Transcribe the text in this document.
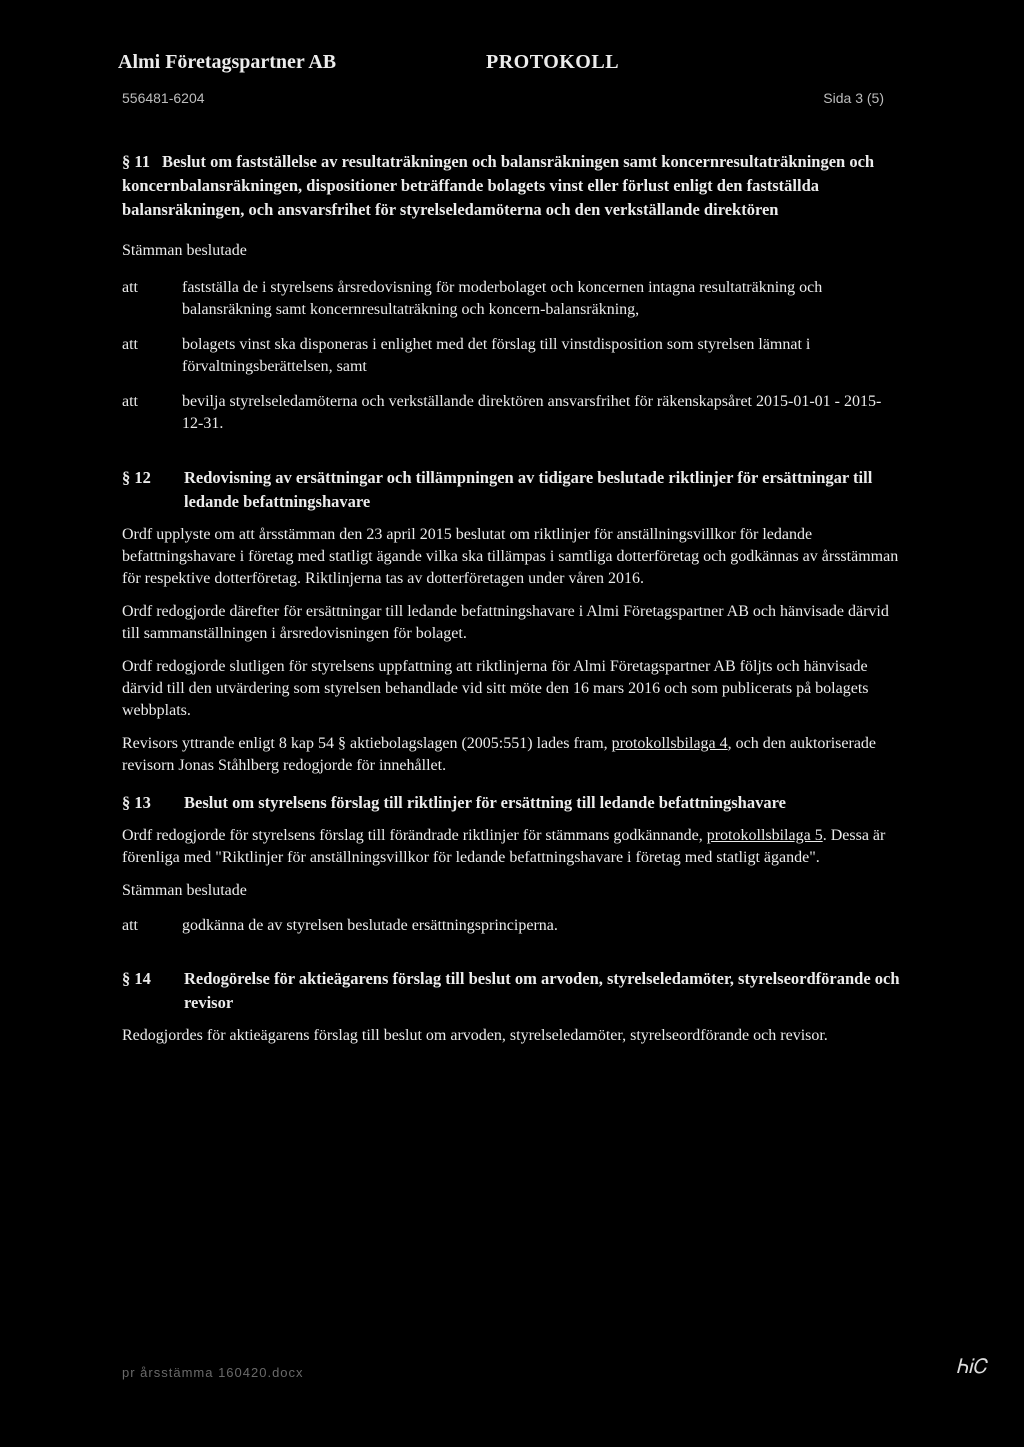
Almi Företagspartner AB	PROTOKOLL
556481-6204	Sida 3 (5)
§ 11 Beslut om fastställelse av resultaträkningen och balansräkningen samt koncernresultaträkningen och koncernbalansräkningen, dispositioner beträffande bolagets vinst eller förlust enligt den fastställda balansräkningen, och ansvarsfrihet för styrelseledamöterna och den verkställande direktören

Stämman beslutade

att	fastställa de i styrelsens årsredovisning för moderbolaget och koncernen intagna resultaträkning och balansräkning samt koncernresultaträkning och koncern-balansräkning,
att	bolagets vinst ska disponeras i enlighet med det förslag till vinstdisposition som styrelsen lämnat i förvaltningsberättelsen, samt
att	bevilja styrelseledamöterna och verkställande direktören ansvarsfrihet för räkenskapsåret 2015-01-01 - 2015-12-31.
§ 12	Redovisning av ersättningar och tillämpningen av tidigare beslutade riktlinjer för ersättningar till ledande befattningshavare

Ordf upplyste om att årsstämman den 23 april 2015 beslutat om riktlinjer för anställningsvillkor för ledande befattningshavare i företag med statligt ägande vilka ska tillämpas i samtliga dotterföretag och godkännas av årsstämman för respektive dotterföretag. Riktlinjerna tas av dotterföretagen under våren 2016.

Ordf redogjorde därefter för ersättningar till ledande befattningshavare i Almi Företagspartner AB och hänvisade därvid till sammanställningen i årsredovisningen för bolaget.

Ordf redogjorde slutligen för styrelsens uppfattning att riktlinjerna för Almi Företagspartner AB följts och hänvisade därvid till den utvärdering som styrelsen behandlade vid sitt möte den 16 mars 2016 och som publicerats på bolagets webbplats.

Revisors yttrande enligt 8 kap 54 § aktiebolagslagen (2005:551) lades fram, protokollsbilaga 4, och den auktoriserade revisorn Jonas Ståhlberg redogjorde för innehållet.

§ 13	Beslut om styrelsens förslag till riktlinjer för ersättning till ledande befattningshavare

Ordf redogjorde för styrelsens förslag till förändrade riktlinjer för stämmans godkännande, protokollsbilaga 5. Dessa är förenliga med "Riktlinjer för anställningsvillkor för ledande befattningshavare i företag med statligt ägande".

Stämman beslutade

att	godkänna de av styrelsen beslutade ersättningsprinciperna.
§ 14	Redogörelse för aktieägarens förslag till beslut om arvoden, styrelseledamöter, styrelseordförande och revisor

Redogjordes för aktieägarens förslag till beslut om arvoden, styrelseledamöter, styrelseordförande och revisor.

pr årsstämma 160420.docx	ᏂᎥᏟ
